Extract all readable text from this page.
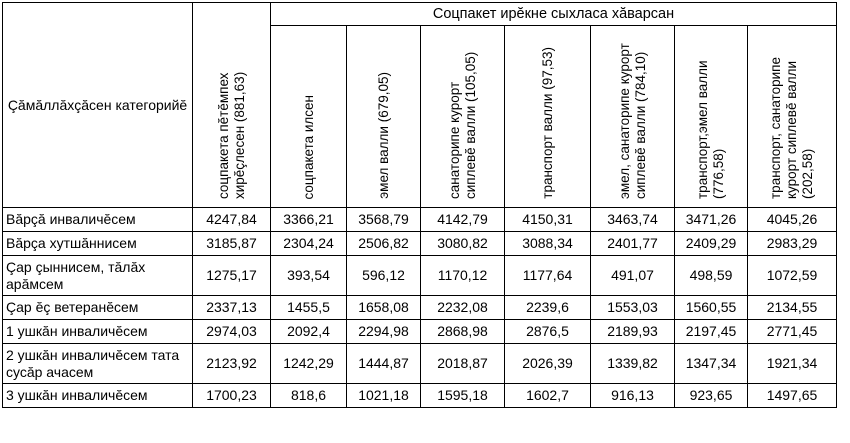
Çăмăллăхçăсен категорийĕ	соцпакета пĕтĕмпех хирĕçлесен (881,63)	Соцпакет ирĕкне сыхласа хăварсан						

		соцпакета илсен	эмел валли (679,05)	санаторипе курорт сиплевĕ валли (105,05)	транспорт валли (97,53)	эмел, санаторипе курорт сиплевĕ валли (784,10)	транспорт,эмел валли (776,58)	транспорт, санаторипе курорт сиплевĕ валли (202,58)

Вăрçă инваличĕсем	4247,84	3366,21	3568,79	4142,79	4150,31	3463,74	3471,26	4045,26
Вăрçа хутшăннисем	3185,87	2304,24	2506,82	3080,82	3088,34	2401,77	2409,29	2983,29
Çар çыннисем, тăлăх арăмсем	1275,17	393,54	596,12	1170,12	1177,64	491,07	498,59	1072,59
Çар ĕç ветеранĕсем	2337,13	1455,5	1658,08	2232,08	2239,6	1553,03	1560,55	2134,55
1 ушкăн инваличĕсем	2974,03	2092,4	2294,98	2868,98	2876,5	2189,93	2197,45	2771,45
2 ушкăн инваличĕсем тата сусăр ачасем	2123,92	1242,29	1444,87	2018,87	2026,39	1339,82	1347,34	1921,34
3 ушкăн инваличĕсем	1700,23	818,6	1021,18	1595,18	1602,7	916,13	923,65	1497,65
